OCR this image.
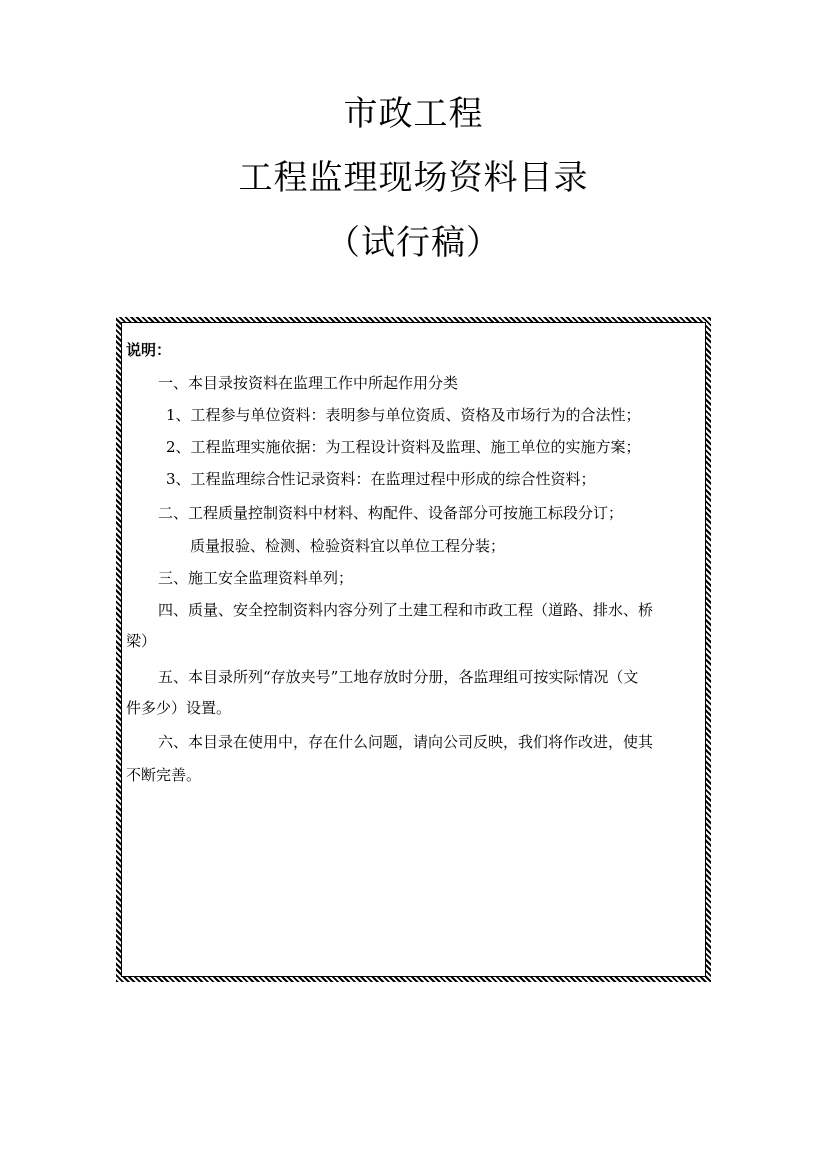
市政工程
工程监理现场资料目录
（试行稿）
说明：
一、本目录按资料在监理工作中所起作用分类
1、工程参与单位资料：表明参与单位资质、资格及市场行为的合法性；
2、工程监理实施依据：为工程设计资料及监理、施工单位的实施方案；
3、工程监理综合性记录资料：在监理过程中形成的综合性资料；
二、工程质量控制资料中材料、构配件、设备部分可按施工标段分订；
质量报验、检测、检验资料宜以单位工程分装；
三、施工安全监理资料单列；
四、质量、安全控制资料内容分列了土建工程和市政工程（道路、排水、桥
梁）
五、本目录所列“存放夹号”工地存放时分册，各监理组可按实际情况（文
件多少）设置。
六、本目录在使用中，存在什么问题，请向公司反映，我们将作改进，使其
不断完善。
